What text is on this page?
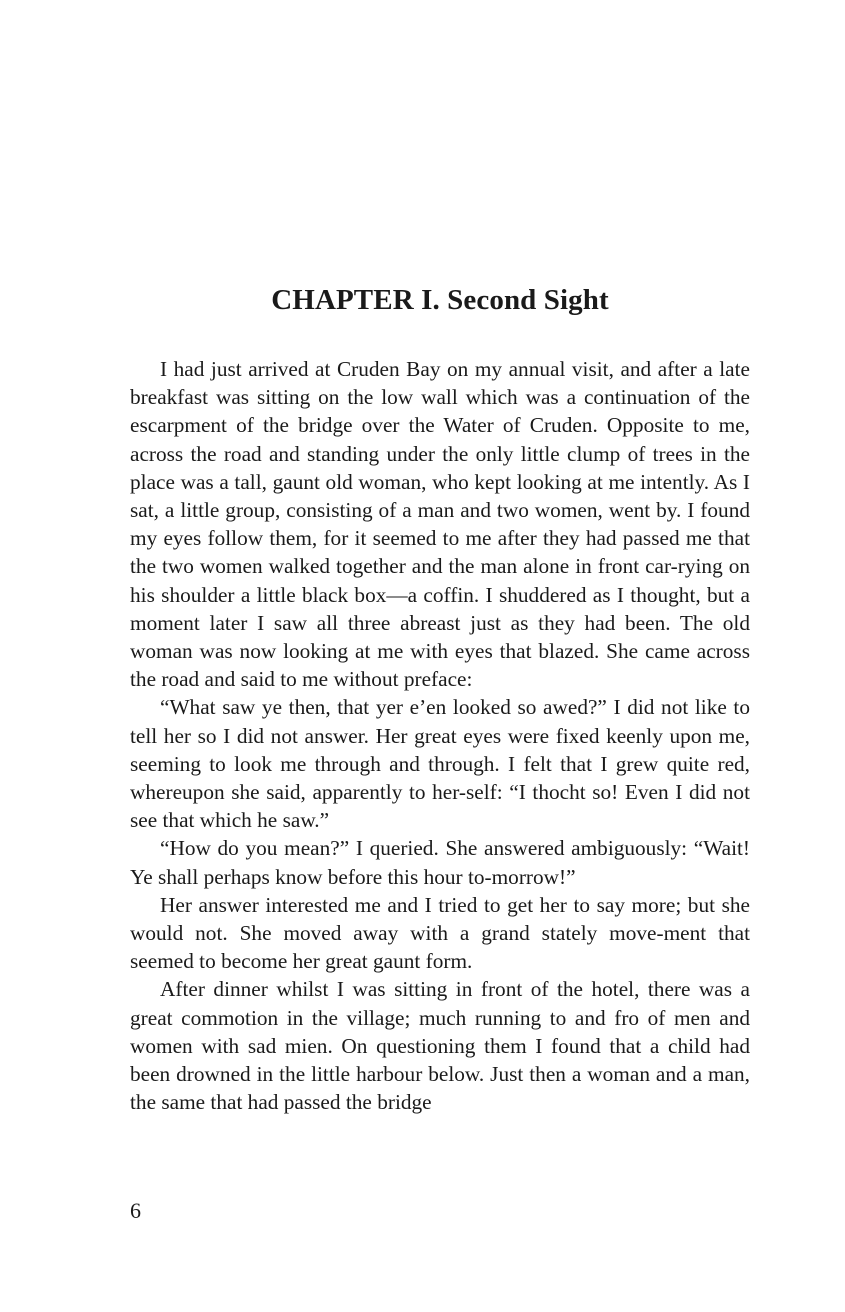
CHAPTER I. Second Sight

I had just arrived at Cruden Bay on my annual visit, and after a late breakfast was sitting on the low wall which was a continuation of the escarpment of the bridge over the Water of Cruden. Opposite to me, across the road and standing under the only little clump of trees in the place was a tall, gaunt old woman, who kept looking at me intently. As I sat, a little group, consisting of a man and two women, went by. I found my eyes follow them, for it seemed to me after they had passed me that the two women walked together and the man alone in front car-rying on his shoulder a little black box—a coffin. I shuddered as I thought, but a moment later I saw all three abreast just as they had been. The old woman was now looking at me with eyes that blazed. She came across the road and said to me without preface:

“What saw ye then, that yer e’en looked so awed?” I did not like to tell her so I did not answer. Her great eyes were fixed keenly upon me, seeming to look me through and through. I felt that I grew quite red, whereupon she said, apparently to her-self: “I thocht so! Even I did not see that which he saw.”

“How do you mean?” I queried. She answered ambiguously: “Wait! Ye shall perhaps know before this hour to-morrow!”

Her answer interested me and I tried to get her to say more; but she would not. She moved away with a grand stately move-ment that seemed to become her great gaunt form.

After dinner whilst I was sitting in front of the hotel, there was a great commotion in the village; much running to and fro of men and women with sad mien. On questioning them I found that a child had been drowned in the little harbour below. Just then a woman and a man, the same that had passed the bridge

6
